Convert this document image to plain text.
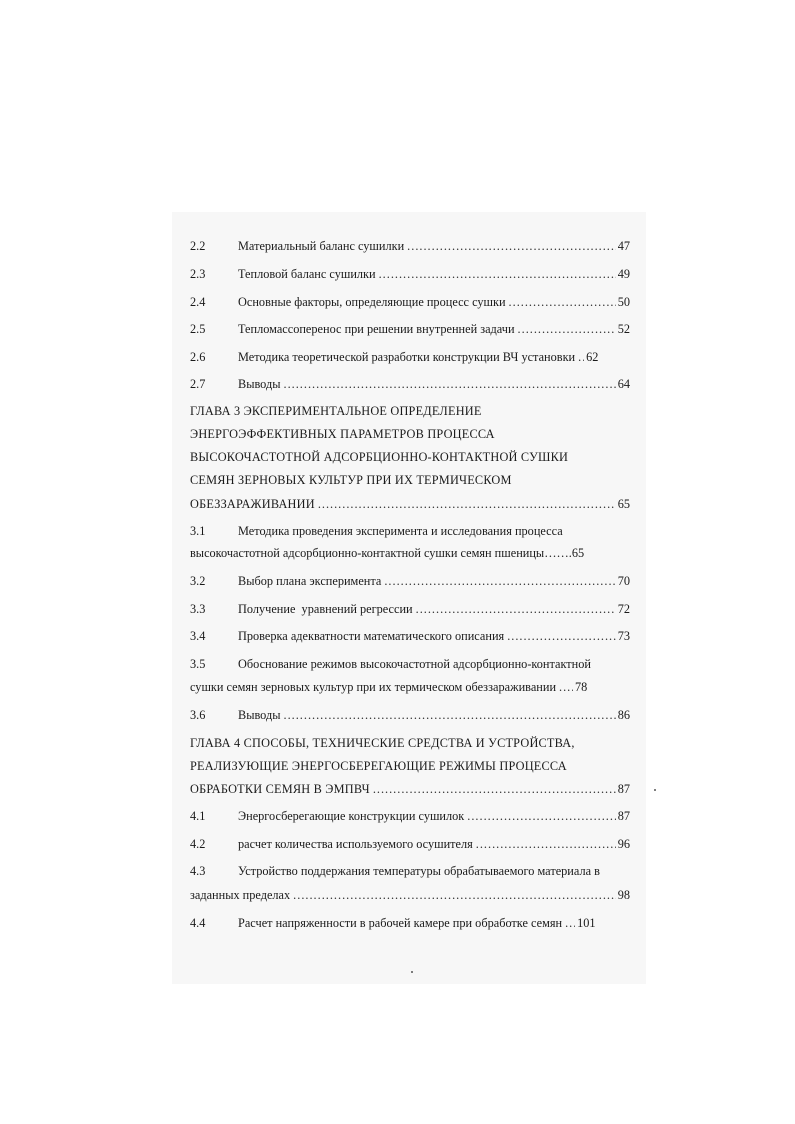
2.2	Материальный баланс сушилки .....	47
2.3	Тепловой баланс сушилки .....	49
2.4	Основные факторы, определяющие процесс сушки .....	50
2.5	Тепломассоперенос при решении внутренней задачи .....	52
2.6	Методика теоретической разработки конструкции ВЧ установки ..... 62
2.7	Выводы .....	64
ГЛАВА 3 ЭКСПЕРИМЕНТАЛЬНОЕ ОПРЕДЕЛЕНИЕ
ЭНЕРГОЭФФЕКТИВНЫХ ПАРАМЕТРОВ ПРОЦЕССА
ВЫСОКОЧАСТОТНОЙ АДСОРБЦИОННО-КОНТАКТНОЙ СУШКИ
СЕМЯН ЗЕРНОВЫХ КУЛЬТУР ПРИ ИХ ТЕРМИЧЕСКОМ
ОБЕЗЗАРАЖИВАНИИ .....	65
3.1	Методика проведения эксперимента и исследования процесса
высокочастотной адсорбционно-контактной сушки семян пшеницы…….65
3.2	Выбор плана эксперимента .....	70
3.3	Получение  уравнений регрессии .....	72
3.4	Проверка адекватности математического описания .....	73
3.5	Обоснование режимов высокочастотной адсорбционно-контактной
сушки семян зерновых культур при их термическом обеззараживании ..... 78
3.6	Выводы .....	86
ГЛАВА 4 СПОСОБЫ, ТЕХНИЧЕСКИЕ СРЕДСТВА И УСТРОЙСТВА,
РЕАЛИЗУЮЩИЕ ЭНЕРГОСБЕРЕГАЮЩИЕ РЕЖИМЫ ПРОЦЕССА
ОБРАБОТКИ СЕМЯН В ЭМПВЧ .....	87
4.1	Энергосберегающие конструкции сушилок .....	87
4.2	расчет количества используемого осушителя .....	96
4.3	Устройство поддержания температуры обрабатываемого материала в
заданных пределах .....	98
4.4	Расчет напряженности в рабочей камере при обработке семян ..... 101
